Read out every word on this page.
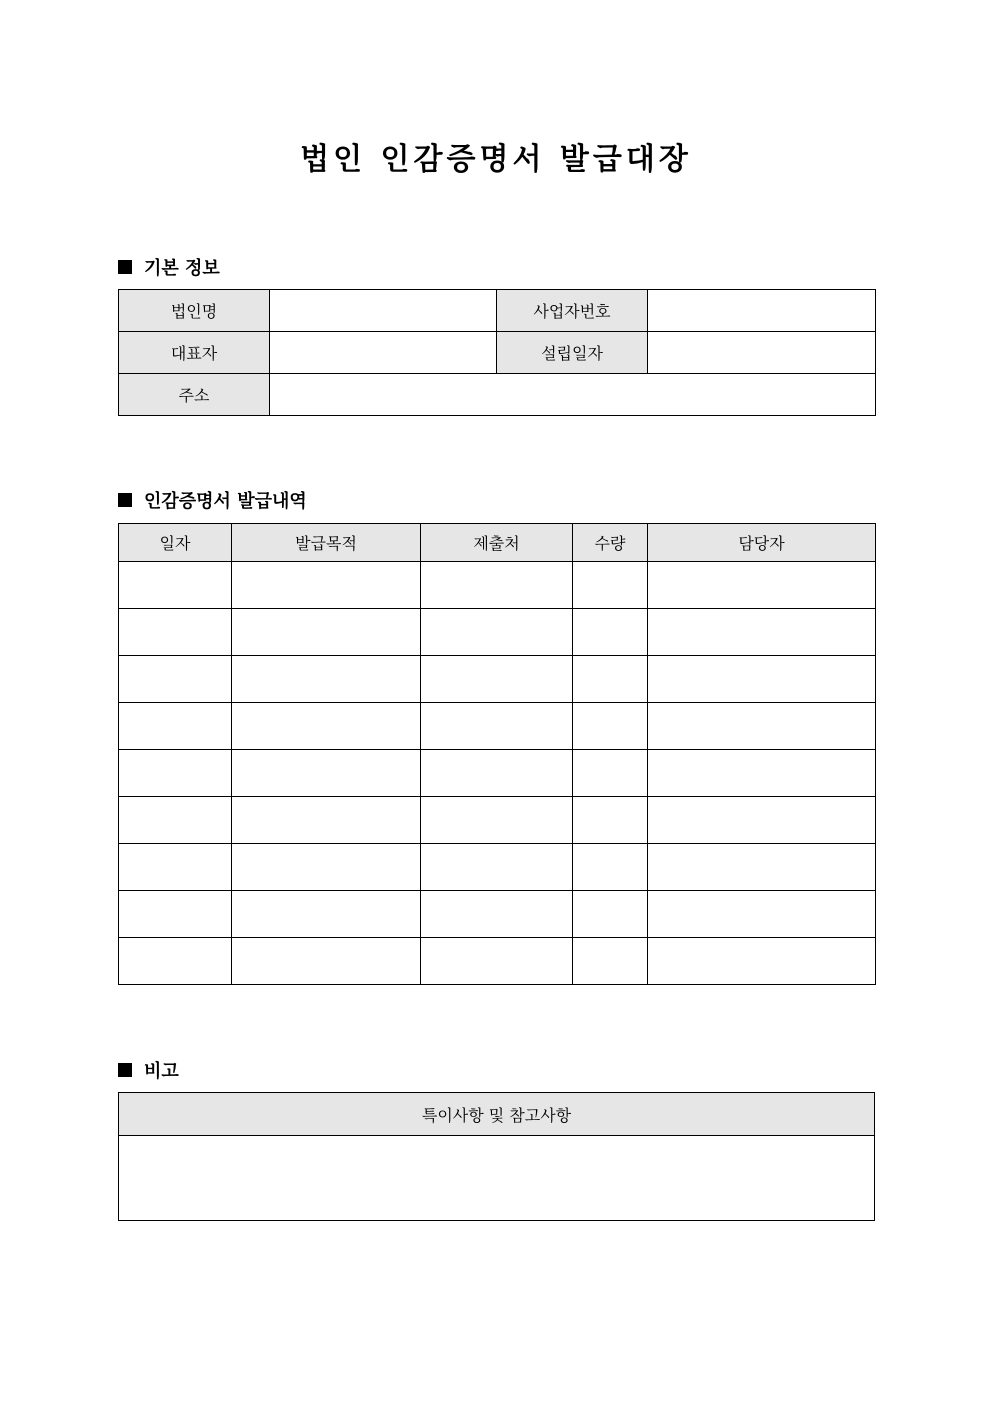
법인 인감증명서 발급대장
기본 정보
법인명		사업자번호	
대표자		설립일자	
주소			
인감증명서 발급내역
일자	발급목적	제출처	수량	담당자

비고
특이사항 및 참고사항
